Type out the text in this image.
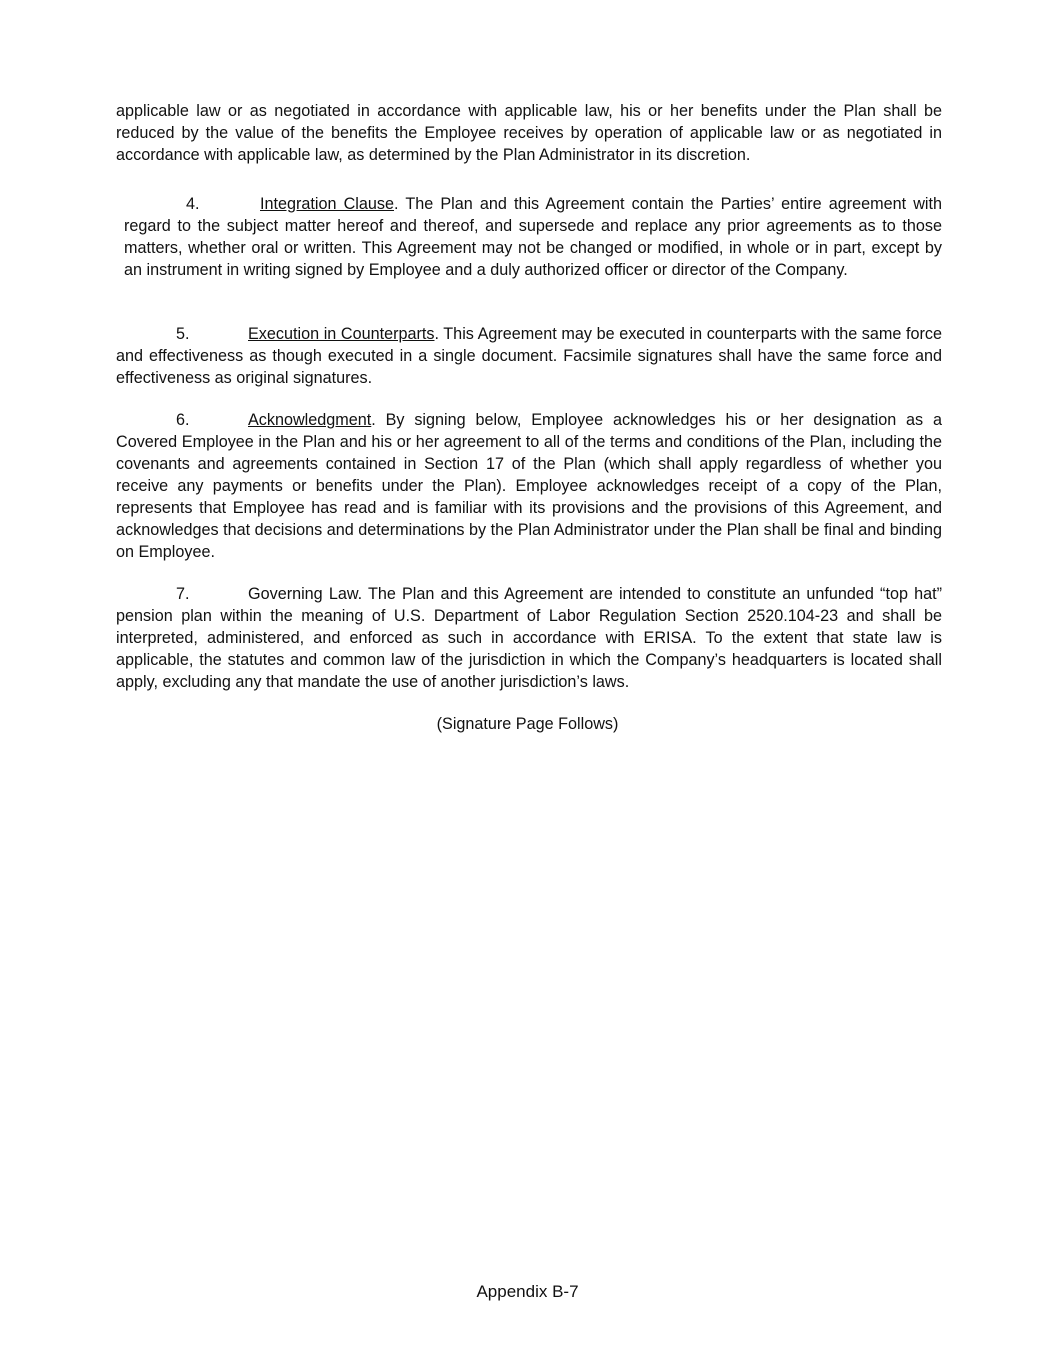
applicable law or as negotiated in accordance with applicable law, his or her benefits under the Plan shall be reduced by the value of the benefits the Employee receives by operation of applicable law or as negotiated in accordance with applicable law, as determined by the Plan Administrator in its discretion.

4.	Integration Clause. The Plan and this Agreement contain the Parties’ entire agreement with regard to the subject matter hereof and thereof, and supersede and replace any prior agreements as to those matters, whether oral or written. This Agreement may not be changed or modified, in whole or in part, except by an instrument in writing signed by Employee and a duly authorized officer or director of the Company.

5.	Execution in Counterparts. This Agreement may be executed in counterparts with the same force and effectiveness as though executed in a single document. Facsimile signatures shall have the same force and effectiveness as original signatures.

6.	Acknowledgment. By signing below, Employee acknowledges his or her designation as a Covered Employee in the Plan and his or her agreement to all of the terms and conditions of the Plan, including the covenants and agreements contained in Section 17 of the Plan (which shall apply regardless of whether you receive any payments or benefits under the Plan). Employee acknowledges receipt of a copy of the Plan, represents that Employee has read and is familiar with its provisions and the provisions of this Agreement, and acknowledges that decisions and determinations by the Plan Administrator under the Plan shall be final and binding on Employee.

7.	Governing Law. The Plan and this Agreement are intended to constitute an unfunded “top hat” pension plan within the meaning of U.S. Department of Labor Regulation Section 2520.104-23 and shall be interpreted, administered, and enforced as such in accordance with ERISA. To the extent that state law is applicable, the statutes and common law of the jurisdiction in which the Company’s headquarters is located shall apply, excluding any that mandate the use of another jurisdiction’s laws.

(Signature Page Follows)

Appendix B-7
